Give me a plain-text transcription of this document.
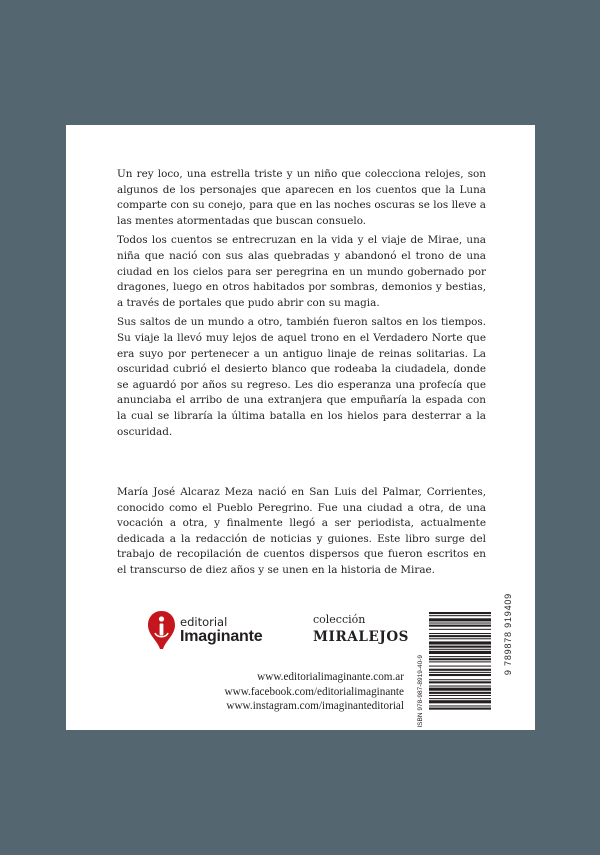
Un rey loco, una estrella triste y un niño que colecciona relojes, son algunos de los personajes que aparecen en los cuentos que la Luna comparte con su conejo, para que en las noches oscuras se los lleve a las mentes atormentadas que buscan consuelo.

Todos los cuentos se entrecruzan en la vida y el viaje de Mirae, una niña que nació con sus alas quebradas y abandonó el trono de una ciudad en los cielos para ser peregrina en un mundo gobernado por dragones, luego en otros habitados por sombras, demonios y bestias, a través de portales que pudo abrir con su magia.

Sus saltos de un mundo a otro, también fueron saltos en los tiempos. Su viaje la llevó muy lejos de aquel trono en el Verdadero Norte que era suyo por pertenecer a un antiguo linaje de reinas solitarias. La oscuridad cubrió el desierto blanco que rodeaba la ciudadela, donde se aguardó por años su regreso. Les dio esperanza una profecía que anunciaba el arribo de una extranjera que empuñaría la espada con la cual se libraría la última batalla en los hielos para desterrar a la oscuridad.

María José Alcaraz Meza nació en San Luis del Palmar, Corrientes, conocido como el Pueblo Peregrino. Fue una ciudad a otra, de una vocación a otra, y finalmente llegó a ser periodista, actualmente dedicada a la redacción de noticias y guiones. Este libro surge del trabajo de recopilación de cuentos dispersos que fueron escritos en el transcurso de diez años y se unen en la historia de Mirae.

editorial
Imaginante
colección
MIRALEJOS
www.editorialimaginante.com.ar
www.facebook.com/editorialimaginante
www.instagram.com/imaginanteditorial ISBN 978-987-8919-40-9
9 789878 919409
